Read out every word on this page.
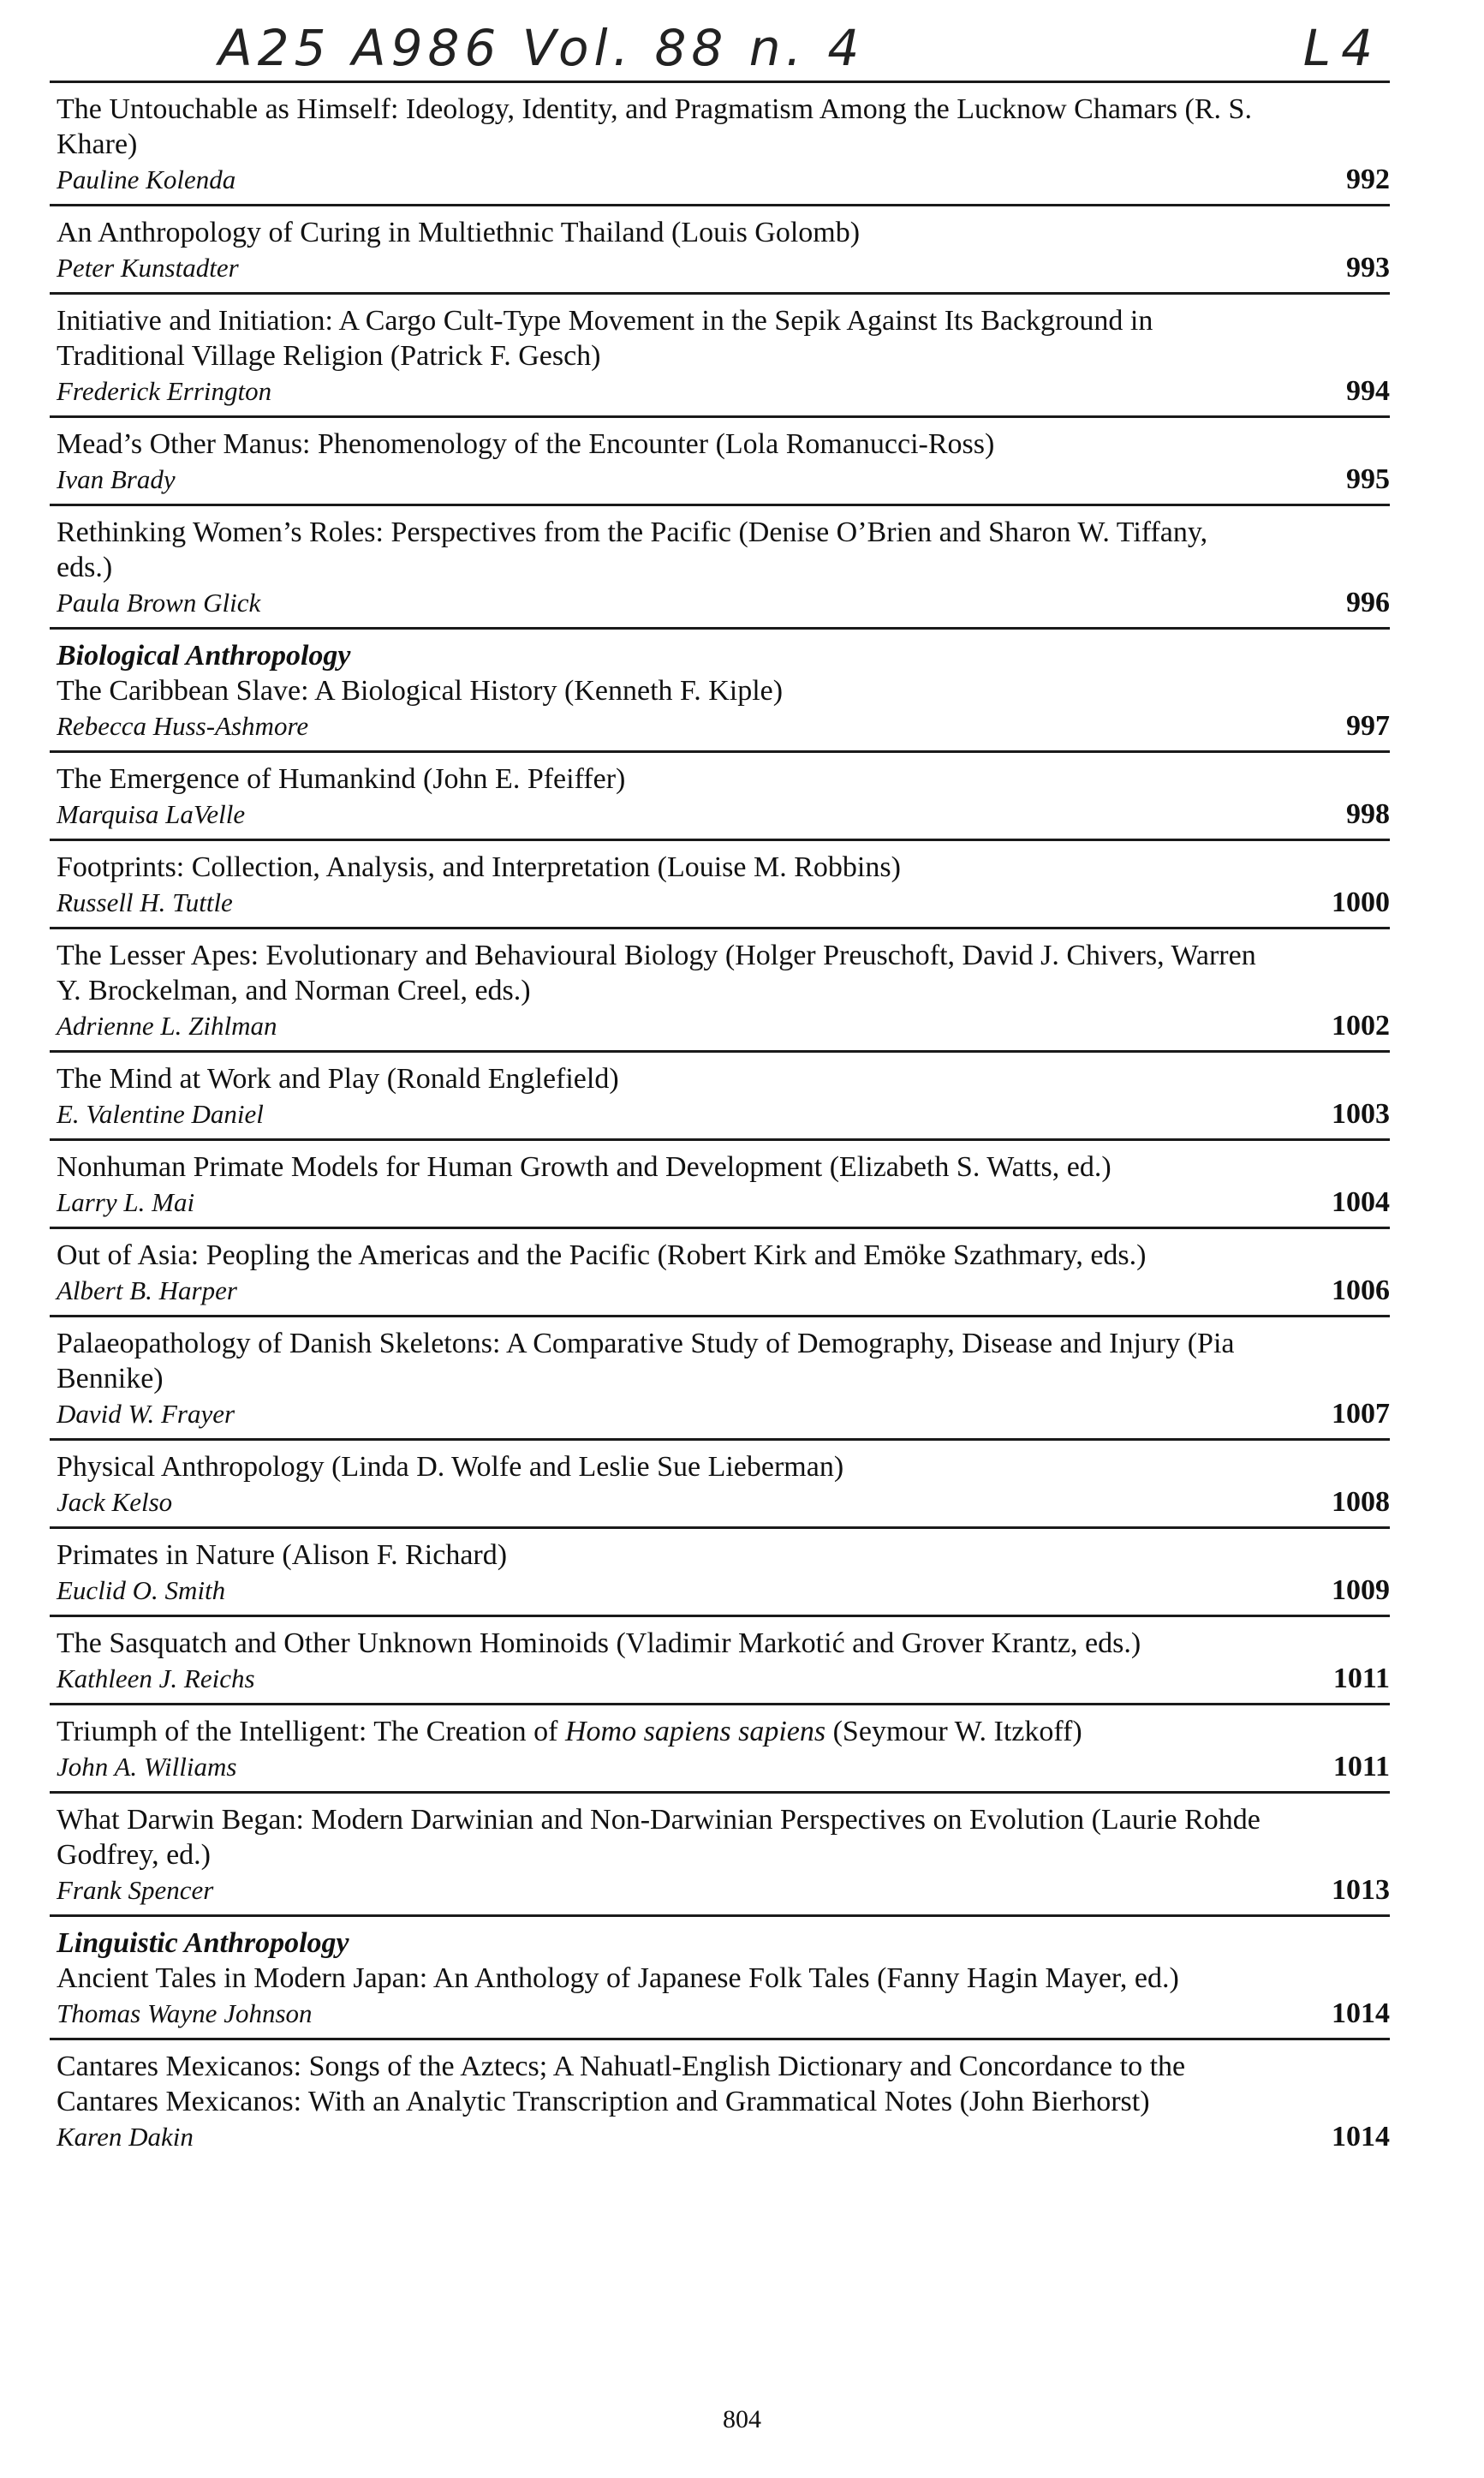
A25 A986 Vol. 88 n. 4	L4

The Untouchable as Himself: Ideology, Identity, and Pragmatism Among the Lucknow Chamars (R. S. Khare)

Pauline Kolenda	992

An Anthropology of Curing in Multiethnic Thailand (Louis Golomb)

Peter Kunstadter	993

Initiative and Initiation: A Cargo Cult-Type Movement in the Sepik Against Its Background in Traditional Village Religion (Patrick F. Gesch)

Frederick Errington	994

Mead’s Other Manus: Phenomenology of the Encounter (Lola Romanucci-Ross)

Ivan Brady	995

Rethinking Women’s Roles: Perspectives from the Pacific (Denise O’Brien and Sharon W. Tiffany, eds.)

Paula Brown Glick	996

Biological Anthropology

The Caribbean Slave: A Biological History (Kenneth F. Kiple)

Rebecca Huss-Ashmore	997

The Emergence of Humankind (John E. Pfeiffer)

Marquisa LaVelle	998

Footprints: Collection, Analysis, and Interpretation (Louise M. Robbins)

Russell H. Tuttle	1000

The Lesser Apes: Evolutionary and Behavioural Biology (Holger Preuschoft, David J. Chivers, Warren Y. Brockelman, and Norman Creel, eds.)

Adrienne L. Zihlman	1002

The Mind at Work and Play (Ronald Englefield)

E. Valentine Daniel	1003

Nonhuman Primate Models for Human Growth and Development (Elizabeth S. Watts, ed.)

Larry L. Mai	1004

Out of Asia: Peopling the Americas and the Pacific (Robert Kirk and Emöke Szathmary, eds.)

Albert B. Harper	1006

Palaeopathology of Danish Skeletons: A Comparative Study of Demography, Disease and Injury (Pia Bennike)

David W. Frayer	1007

Physical Anthropology (Linda D. Wolfe and Leslie Sue Lieberman)

Jack Kelso	1008

Primates in Nature (Alison F. Richard)

Euclid O. Smith	1009

The Sasquatch and Other Unknown Hominoids (Vladimir Markotić and Grover Krantz, eds.)

Kathleen J. Reichs	1011

Triumph of the Intelligent: The Creation of Homo sapiens sapiens (Seymour W. Itzkoff)

John A. Williams	1011

What Darwin Began: Modern Darwinian and Non-Darwinian Perspectives on Evolution (Laurie Rohde Godfrey, ed.)

Frank Spencer	1013

Linguistic Anthropology

Ancient Tales in Modern Japan: An Anthology of Japanese Folk Tales (Fanny Hagin Mayer, ed.)

Thomas Wayne Johnson	1014

Cantares Mexicanos: Songs of the Aztecs; A Nahuatl-English Dictionary and Concordance to the Cantares Mexicanos: With an Analytic Transcription and Grammatical Notes (John Bierhorst)

Karen Dakin	1014

804
